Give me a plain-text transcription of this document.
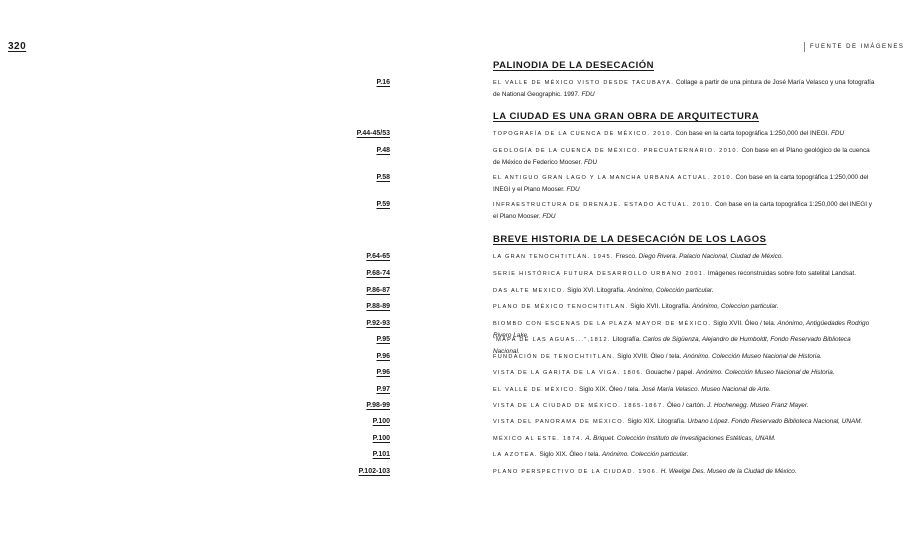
320	FUENTE DE IMÁGENES
PALINODIA DE LA DESECACIÓN
P.16	EL VALLE DE MÉXICO VISTO DESDE TACUBAYA. Collage a partir de una pintura de José María Velasco y una fotografía de National Geographic. 1997. FDU
LA CIUDAD ES UNA GRAN OBRA DE ARQUITECTURA
P.44-45/53	TOPOGRAFÍA DE LA CUENCA DE MÉXICO. 2010. Con base en la carta topográfica 1:250,000 del INEGI. FDU
P.48	GEOLOGÍA DE LA CUENCA DE MÉXICO. PRECUATERNARIO. 2010. Con base en el Plano geológico de la cuenca de México de Federico Mooser. FDU
P.58	EL ANTIGUO GRAN LAGO Y LA MANCHA URBANA ACTUAL. 2010. Con base en la carta topográfica 1:250,000 del INEGI y el Plano Mooser. FDU
P.59	INFRAESTRUCTURA DE DRENAJE. ESTADO ACTUAL. 2010. Con base en la carta topográfica 1:250,000 del INEGI y el Plano Mooser. FDU
BREVE HISTORIA DE LA DESECACIÓN DE LOS LAGOS
P.64-65	LA GRAN TENOCHTITLÁN. 1945. Fresco. Diego Rivera. Palacio Nacional, Ciudad de México.
P.68-74	SERIE HISTÓRICA FUTURA DESARROLLO URBANO 2001. Imágenes reconstruidas sobre foto satelital Landsat.
P.86-87	DAS ALTE MEXICO. Siglo XVI. Litografía. Anónimo, Colección particular.
P.88-89	PLANO DE MÉXICO TENOCHTITLAN. Siglo XVII. Litografía. Anónimo, Coleccion particular.
P.92-93	BIOMBO CON ESCENAS DE LA PLAZA MAYOR DE MÉXICO. Siglo XVII. Óleo / tela. Anónimo, Antigüedades Rodrigo Rivero Lake.
P.95	“MAPA DE LAS AGUAS...”,1812. Litografía. Carlos de Sigüenza, Alejandro de Humboldt, Fondo Reservado Biblioteca Nacional.
P.96	FUNDACIÓN DE TENOCHTITLAN. Siglo XVIII. Óleo / tela. Anónimo. Colección Museo Nacional de Historia.
P.96	VISTA DE LA GARITA DE LA VIGA. 1806. Gouache / papel. Anónimo. Colección Museo Nacional de Historia.
P.97	EL VALLE DE MÉXICO. Siglo XIX. Óleo / tela. José María Velasco. Museo Nacional de Arte.
P.98-99	VISTA DE LA CIUDAD DE MÉXICO. 1865-1867. Óleo / cartón. J. Hochenegg. Museo Franz Mayer.
P.100	VISTA DEL PANORAMA DE MÉXICO. Siglo XIX. Litografía. Urbano López. Fondo Reservado Biblioteca Nacional, UNAM.
P.100	MÉXICO AL ESTE. 1874. A. Briquet. Colección Instituto de Investigaciones Estéticas, UNAM.
P.101	LA AZOTEA. Siglo XIX. Óleo / tela. Anónimo. Colección particular.
P.102-103	PLANO PERSPECTIVO DE LA CIUDAD. 1906. H. Weelge Des. Museo de la Ciudad de México.
